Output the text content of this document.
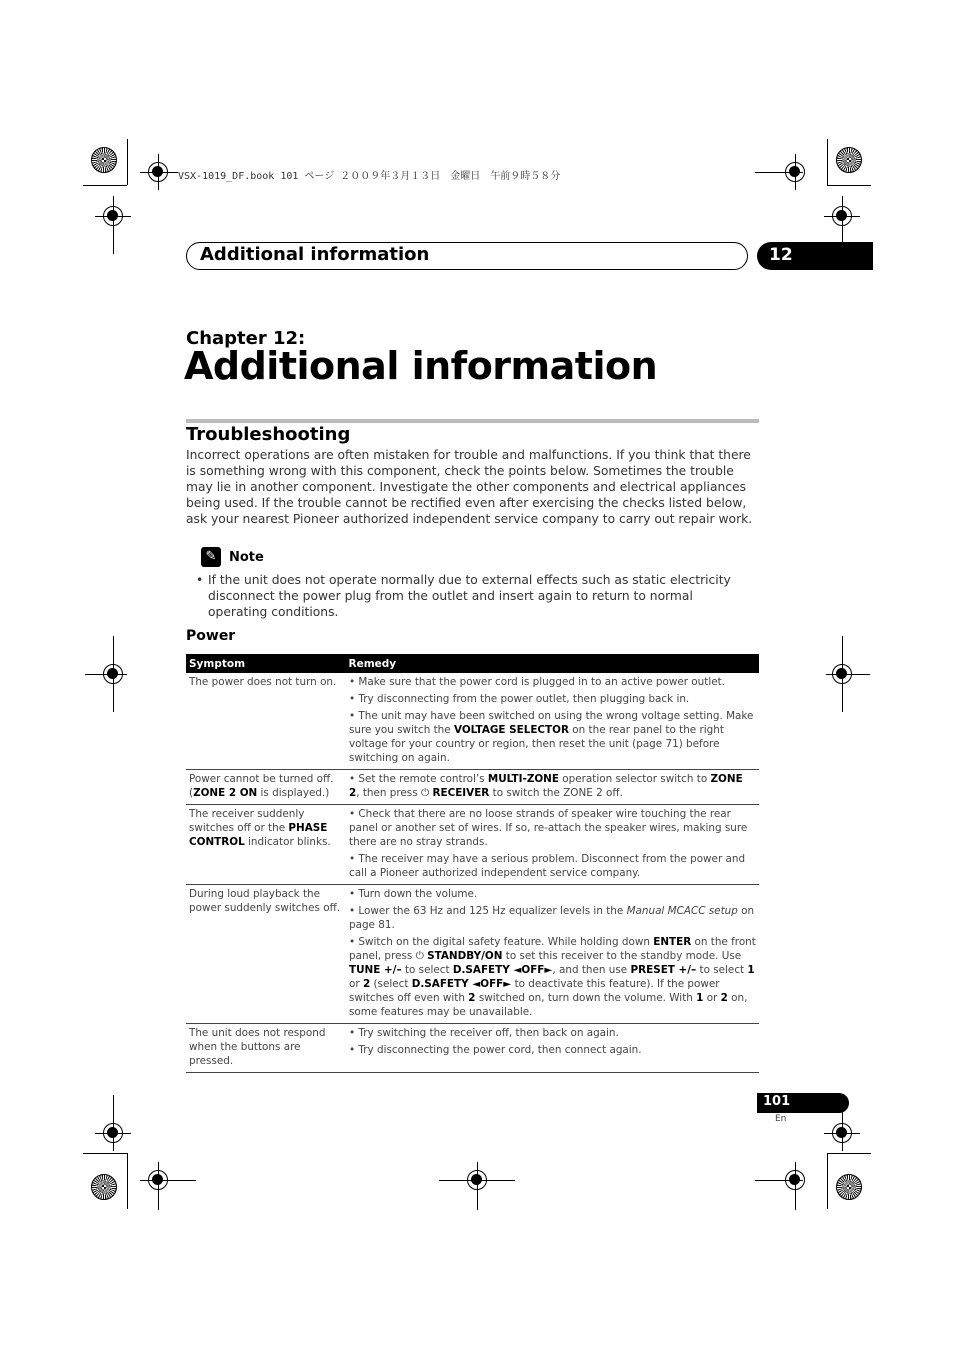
VSX-1019_DF.book 101 ページ ２００９年３月１３日　金曜日　午前９時５８分
Additional information	12
Chapter 12:
Additional information
Troubleshooting
Incorrect operations are often mistaken for trouble and malfunctions. If you think that there is something wrong with this component, check the points below. Sometimes the trouble may lie in another component. Investigate the other components and electrical appliances being used. If the trouble cannot be rectified even after exercising the checks listed below, ask your nearest Pioneer authorized independent service company to carry out repair work.
✎ Note
• If the unit does not operate normally due to external effects such as static electricity disconnect the power plug from the outlet and insert again to return to normal operating conditions.
Power
Symptom	Remedy
The power does not turn on.	• Make sure that the power cord is plugged in to an active power outlet.

• Try disconnecting from the power outlet, then plugging back in.

• The unit may have been switched on using the wrong voltage setting. Make sure you switch the VOLTAGE SELECTOR on the rear panel to the right voltage for your country or region, then reset the unit (page 71) before switching on again.

Power cannot be turned off. (ZONE 2 ON is displayed.)	• Set the remote control’s MULTI-ZONE operation selector switch to ZONE 2, then press ⏻ RECEIVER to switch the ZONE 2 off.

The receiver suddenly switches off or the PHASE CONTROL indicator blinks.	• Check that there are no loose strands of speaker wire touching the rear panel or another set of wires. If so, re-attach the speaker wires, making sure there are no stray strands.

• The receiver may have a serious problem. Disconnect from the power and call a Pioneer authorized independent service company.

During loud playback the power suddenly switches off.	• Turn down the volume.

• Lower the 63 Hz and 125 Hz equalizer levels in the Manual MCACC setup on page 81.

• Switch on the digital safety feature. While holding down ENTER on the front panel, press ⏻ STANDBY/ON to set this receiver to the standby mode. Use TUNE +/– to select D.SAFETY ◄OFF►, and then use PRESET +/– to select 1 or 2 (select D.SAFETY ◄OFF► to deactivate this feature). If the power switches off even with 2 switched on, turn down the volume. With 1 or 2 on, some features may be unavailable.

The unit does not respond when the buttons are pressed.	• Try switching the receiver off, then back on again.

• Try disconnecting the power cord, then connect again.

101
En
